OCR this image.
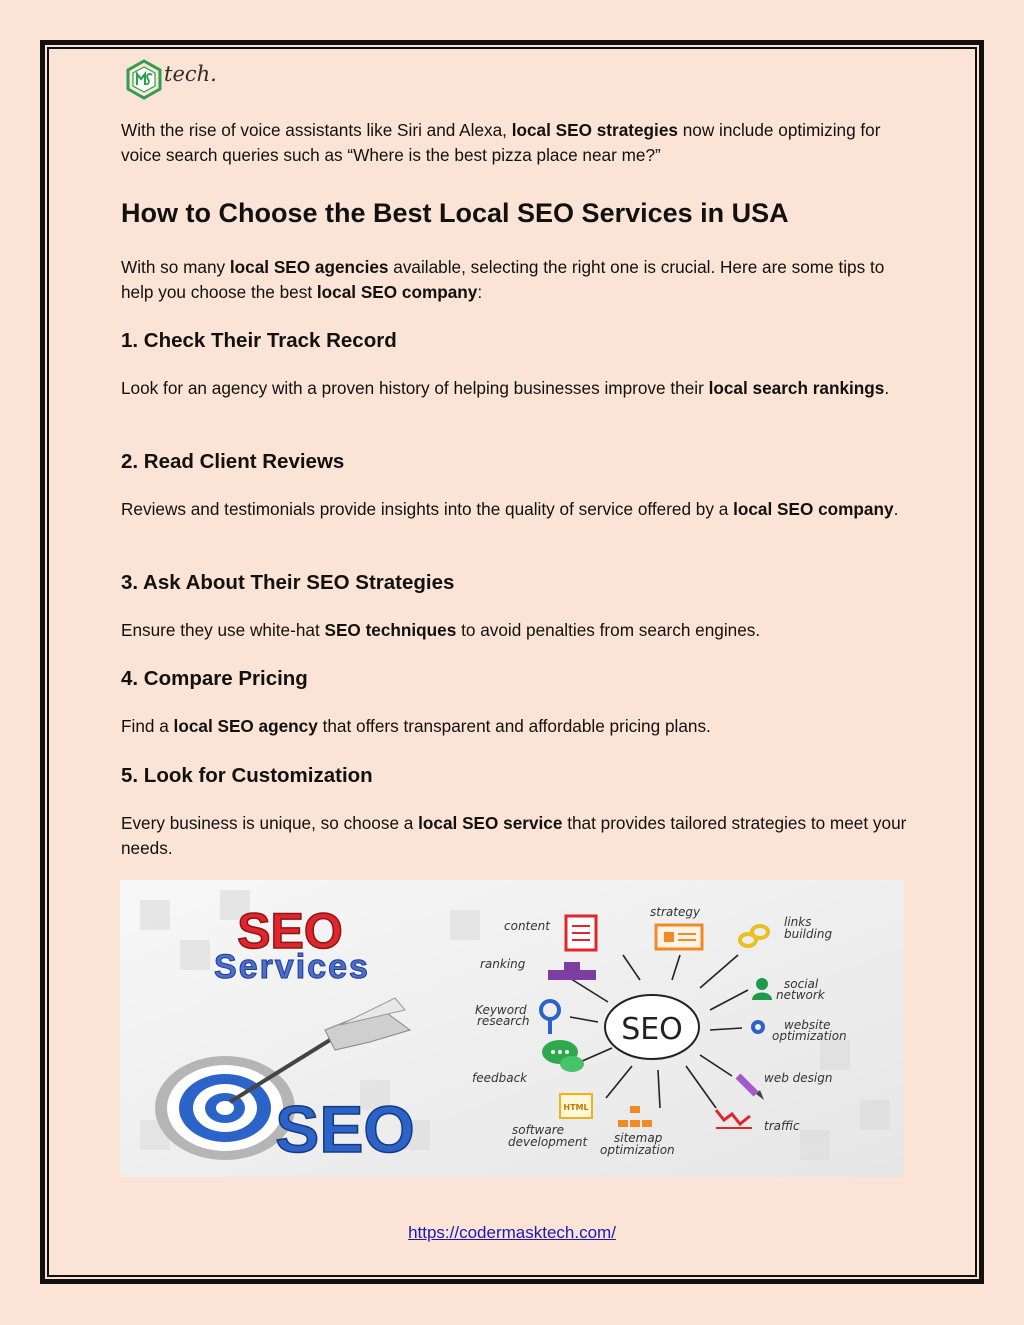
tech.

With the rise of voice assistants like Siri and Alexa, local SEO strategies now include optimizing for voice search queries such as “Where is the best pizza place near me?”

How to Choose the Best Local SEO Services in USA

With so many local SEO agencies available, selecting the right one is crucial. Here are some tips to help you choose the best local SEO company:

1. Check Their Track Record

Look for an agency with a proven history of helping businesses improve their local search rankings.

2. Read Client Reviews

Reviews and testimonials provide insights into the quality of service offered by a local SEO company.

3. Ask About Their SEO Strategies

Ensure they use white-hat SEO techniques to avoid penalties from search engines.

4. Compare Pricing

Find a local SEO agency that offers transparent and affordable pricing plans.

5. Look for Customization

Every business is unique, so choose a local SEO service that provides tailored strategies to meet your needs.

SEO
Services
SEO
SEO
HTML
content
strategy
links
building
ranking
social
network
Keyword
research	website
optimization
feedback	web design
software
development sitemap
optimization
traffic
https://codermasktech.com/
